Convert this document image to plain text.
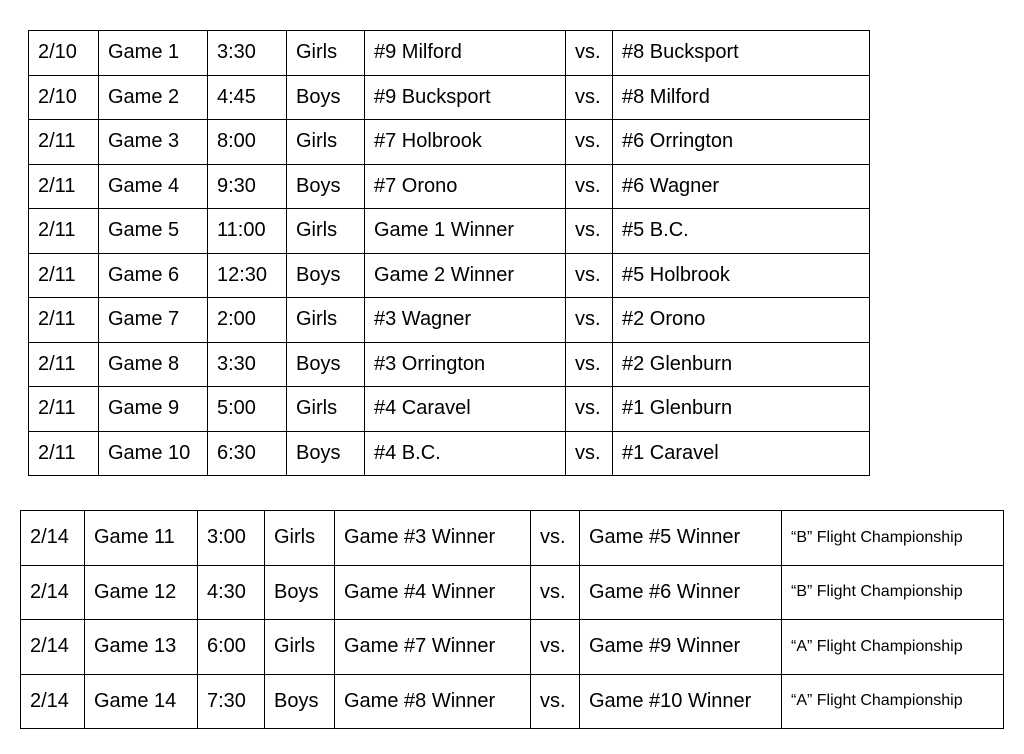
2/10	Game 1	3:30	Girls	#9 Milford	vs.	#8 Bucksport
2/10	Game 2	4:45	Boys	#9 Bucksport	vs.	#8 Milford
2/11	Game 3	8:00	Girls	#7 Holbrook	vs.	#6 Orrington
2/11	Game 4	9:30	Boys	#7 Orono	vs.	#6 Wagner
2/11	Game 5	11:00	Girls	Game 1 Winner	vs.	#5 B.C.
2/11	Game 6	12:30	Boys	Game 2 Winner	vs.	#5 Holbrook
2/11	Game 7	2:00	Girls	#3 Wagner	vs.	#2 Orono
2/11	Game 8	3:30	Boys	#3 Orrington	vs.	#2 Glenburn
2/11	Game 9	5:00	Girls	#4 Caravel	vs.	#1 Glenburn
2/11	Game 10	6:30	Boys	#4 B.C.	vs.	#1 Caravel
2/14	Game 11	3:00	Girls	Game #3 Winner	vs.	Game #5 Winner	“B” Flight Championship
2/14	Game 12	4:30	Boys	Game #4 Winner	vs.	Game #6 Winner	“B” Flight Championship
2/14	Game 13	6:00	Girls	Game #7 Winner	vs.	Game #9 Winner	“A” Flight Championship
2/14	Game 14	7:30	Boys	Game #8 Winner	vs.	Game #10 Winner	“A” Flight Championship
